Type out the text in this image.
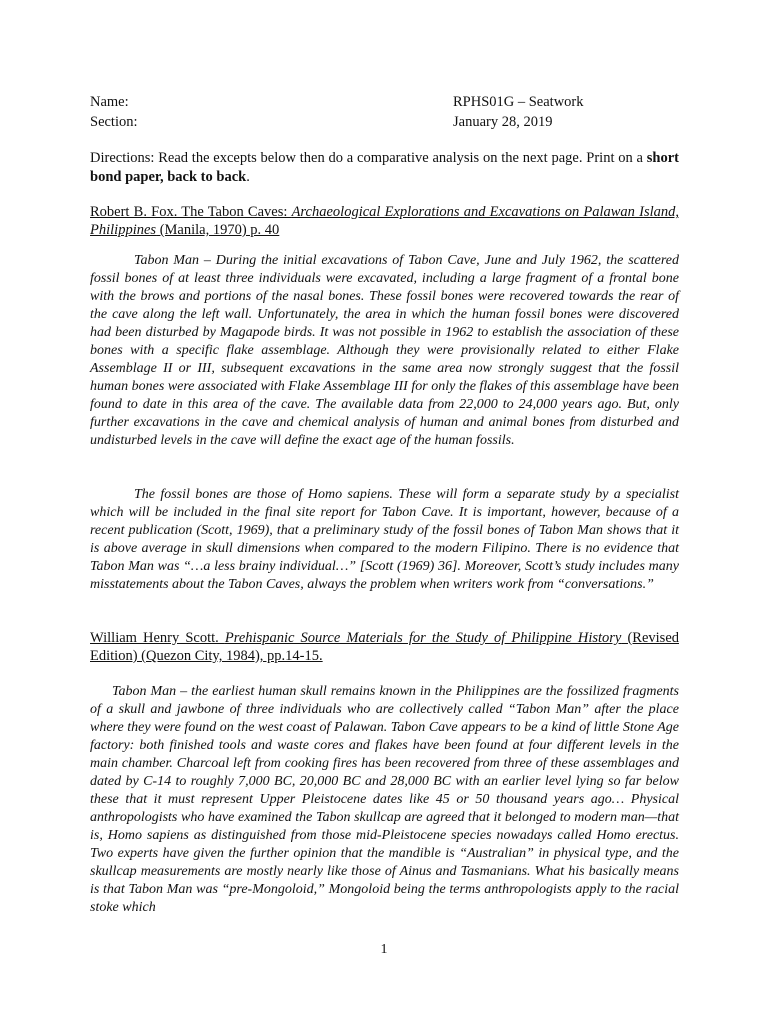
Name:

Section:

RPHS01G – Seatwork

January 28, 2019

Directions: Read the excepts below then do a comparative analysis on the next page. Print on a short bond paper, back to back.

Robert B. Fox. The Tabon Caves: Archaeological Explorations and Excavations on Palawan Island, Philippines (Manila, 1970) p. 40

Tabon Man – During the initial excavations of Tabon Cave, June and July 1962, the scattered fossil bones of at least three individuals were excavated, including a large fragment of a frontal bone with the brows and portions of the nasal bones. These fossil bones were recovered towards the rear of the cave along the left wall. Unfortunately, the area in which the human fossil bones were discovered had been disturbed by Magapode birds. It was not possible in 1962 to establish the association of these bones with a specific flake assemblage. Although they were provisionally related to either Flake Assemblage II or III, subsequent excavations in the same area now strongly suggest that the fossil human bones were associated with Flake Assemblage III for only the flakes of this assemblage have been found to date in this area of the cave. The available data from 22,000 to 24,000 years ago. But, only further excavations in the cave and chemical analysis of human and animal bones from disturbed and undisturbed levels in the cave will define the exact age of the human fossils.

The fossil bones are those of Homo sapiens. These will form a separate study by a specialist which will be included in the final site report for Tabon Cave. It is important, however, because of a recent publication (Scott, 1969), that a preliminary study of the fossil bones of Tabon Man shows that it is above average in skull dimensions when compared to the modern Filipino. There is no evidence that Tabon Man was “…a less brainy individual…” [Scott (1969) 36]. Moreover, Scott’s study includes many misstatements about the Tabon Caves, always the problem when writers work from “conversations.”

William Henry Scott. Prehispanic Source Materials for the Study of Philippine History (Revised Edition) (Quezon City, 1984), pp.14-15.

Tabon Man – the earliest human skull remains known in the Philippines are the fossilized fragments of a skull and jawbone of three individuals who are collectively called “Tabon Man” after the place where they were found on the west coast of Palawan. Tabon Cave appears to be a kind of little Stone Age factory: both finished tools and waste cores and flakes have been found at four different levels in the main chamber. Charcoal left from cooking fires has been recovered from three of these assemblages and dated by C-14 to roughly 7,000 BC, 20,000 BC and 28,000 BC with an earlier level lying so far below these that it must represent Upper Pleistocene dates like 45 or 50 thousand years ago… Physical anthropologists who have examined the Tabon skullcap are agreed that it belonged to modern man—that is, Homo sapiens as distinguished from those mid-Pleistocene species nowadays called Homo erectus. Two experts have given the further opinion that the mandible is “Australian” in physical type, and the skullcap measurements are mostly nearly like those of Ainus and Tasmanians. What his basically means is that Tabon Man was “pre-Mongoloid,” Mongoloid being the terms anthropologists apply to the racial stoke which

1
